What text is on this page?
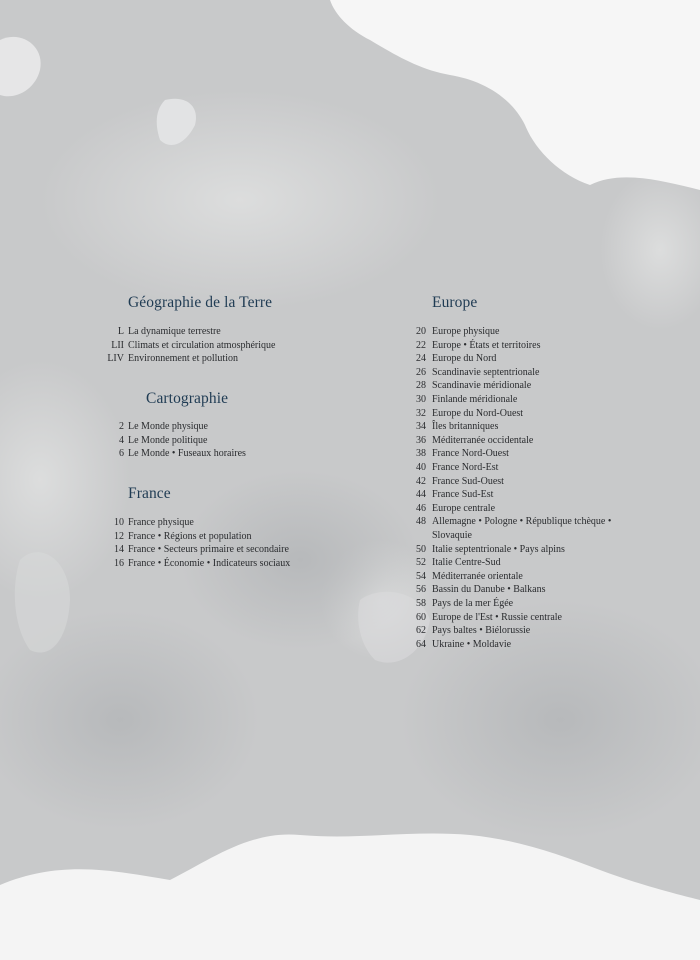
Géographie de la Terre
L La dynamique terrestre
LII Climats et circulation atmosphérique
LIV Environnement et pollution
Cartographie
2 Le Monde physique
4 Le Monde politique
6 Le Monde • Fuseaux horaires
France
10 France physique
12 France • Régions et population
14 France • Secteurs primaire et secondaire
16 France • Économie • Indicateurs sociaux
Europe
20 Europe physique
22 Europe • États et territoires
24 Europe du Nord
26 Scandinavie septentrionale
28 Scandinavie méridionale
30 Finlande méridionale
32 Europe du Nord-Ouest
34 Îles britanniques
36 Méditerranée occidentale
38 France Nord-Ouest
40 France Nord-Est
42 France Sud-Ouest
44 France Sud-Est
46 Europe centrale
48 Allemagne • Pologne • République tchèque •
Slovaquie
50 Italie septentrionale • Pays alpins
52 Italie Centre-Sud
54 Méditerranée orientale
56 Bassin du Danube • Balkans
58 Pays de la mer Égée
60 Europe de l'Est • Russie centrale
62 Pays baltes • Biélorussie
64 Ukraine • Moldavie
